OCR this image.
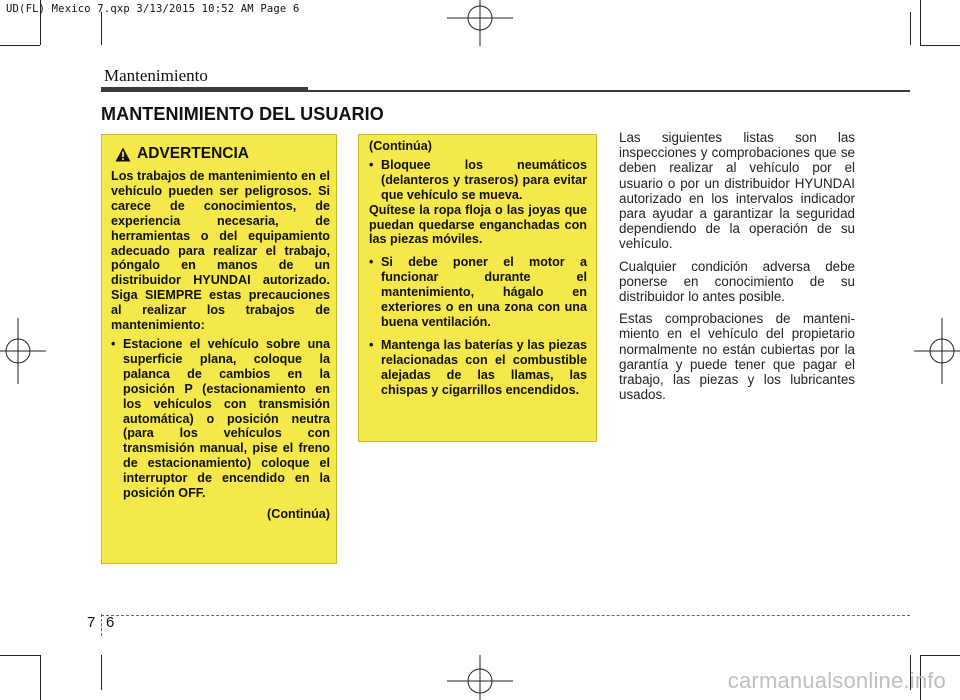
UD(FL) Mexico 7.qxp 3/13/2015 10:52 AM Page 6
Mantenimiento
MANTENIMIENTO DEL USUARIO
ADVERTENCIA

Los trabajos de mantenimiento en el vehículo pueden ser peligrosos. Si carece de conocimientos, de experiencia necesaria, de herramientas o del equipamiento adecuado para realizar el trabajo, póngalo en manos de un distribuidor HYUNDAI autorizado. Siga SIEMPRE estas precauciones al realizar los trabajos de mantenimiento:

• Estacione el vehículo sobre una superficie plana, coloque la palanca de cambios en la posición P (estacionamiento en los vehículos con transmisión automática) o posición neutra (para los vehículos con transmisión manual, pise el freno de estacionamiento) coloque el interruptor de encendido en la posición OFF.
(Continúa)
(Continúa)
• Bloquee los neumáticos (delanteros y traseros) para evitar que vehículo se mueva.

Quítese la ropa floja o las joyas que puedan quedarse enganchadas con las piezas móviles.

• Si debe poner el motor a funcionar durante el mantenimiento, hágalo en exteriores o en una zona con una buena ventilación.
• Mantenga las baterías y las piezas relacionadas con el combustible alejadas de las llamas, las chispas y cigarrillos encendidos.

Las siguientes listas son las inspecciones y comprobaciones que se deben realizar al vehículo por el usuario o por un distribuidor HYUNDAI autorizado en los intervalos indicador para ayudar a garantizar la seguridad dependiendo de la operación de su vehículo.

Cualquier condición adversa debe ponerse en conocimiento de su distribuidor lo antes posible.

Estas comprobaciones de manteni-miento en el vehículo del propietario normalmente no están cubiertas por la garantía y puede tener que pagar el trabajo, las piezas y los lubricantes usados.

7 6
carmanualsonline.info
